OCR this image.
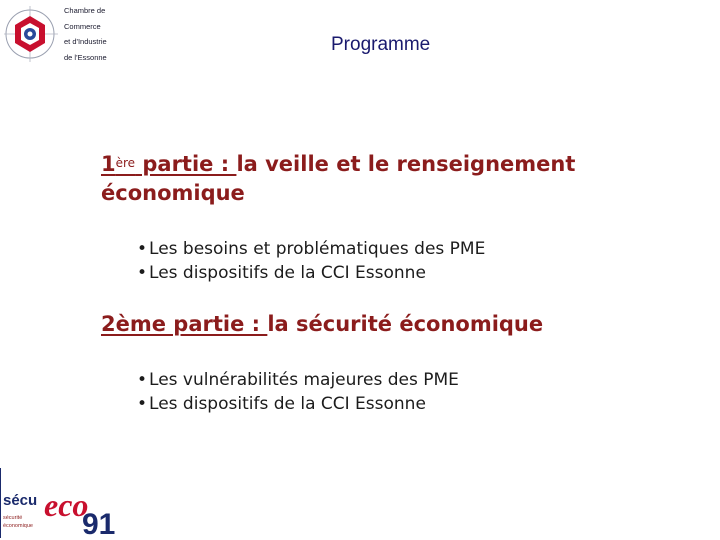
Chambre de
Commerce
et d'Industrie
de l'Essonne
Programme
1ère partie : la veille et le renseignement économique
• Les besoins et problématiques des PME
• Les dispositifs de la CCI Essonne
2ème partie : la sécurité économique
• Les vulnérabilités majeures des PME
• Les dispositifs de la CCI Essonne
eco
91
sécu
sécurité économique
